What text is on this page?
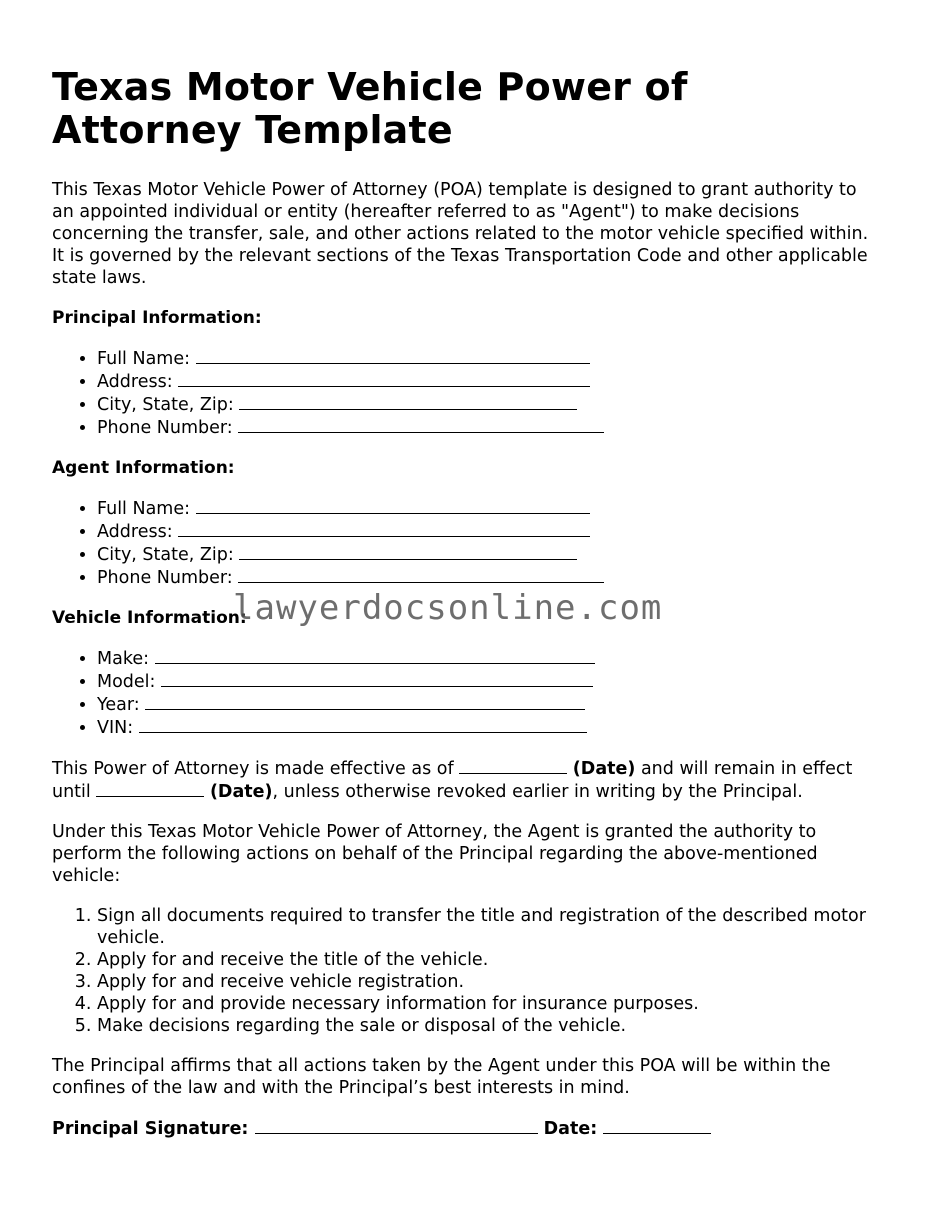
Texas Motor Vehicle Power of Attorney Template

This Texas Motor Vehicle Power of Attorney (POA) template is designed to grant authority to an appointed individual or entity (hereafter referred to as "Agent") to make decisions concerning the transfer, sale, and other actions related to the motor vehicle specified within. It is governed by the relevant sections of the Texas Transportation Code and other applicable state laws.

Principal Information:
• Full Name:
• Address:
• City, State, Zip:
• Phone Number:
Agent Information:
• Full Name:
• Address:
• City, State, Zip:
• Phone Number:
Vehicle Information:
• Make:
• Model:
• Year:
• VIN:

This Power of Attorney is made effective as of	(Date) and will remain in effect until	(Date), unless otherwise revoked earlier in writing by the Principal.

Under this Texas Motor Vehicle Power of Attorney, the Agent is granted the authority to perform the following actions on behalf of the Principal regarding the above-mentioned vehicle:

1. Sign all documents required to transfer the title and registration of the described motor vehicle.
2. Apply for and receive the title of the vehicle.
3. Apply for and receive vehicle registration.
4. Apply for and provide necessary information for insurance purposes.
5. Make decisions regarding the sale or disposal of the vehicle.

The Principal affirms that all actions taken by the Agent under this POA will be within the confines of the law and with the Principal’s best interests in mind.

Principal Signature:	Date:
lawyerdocsonline.com
